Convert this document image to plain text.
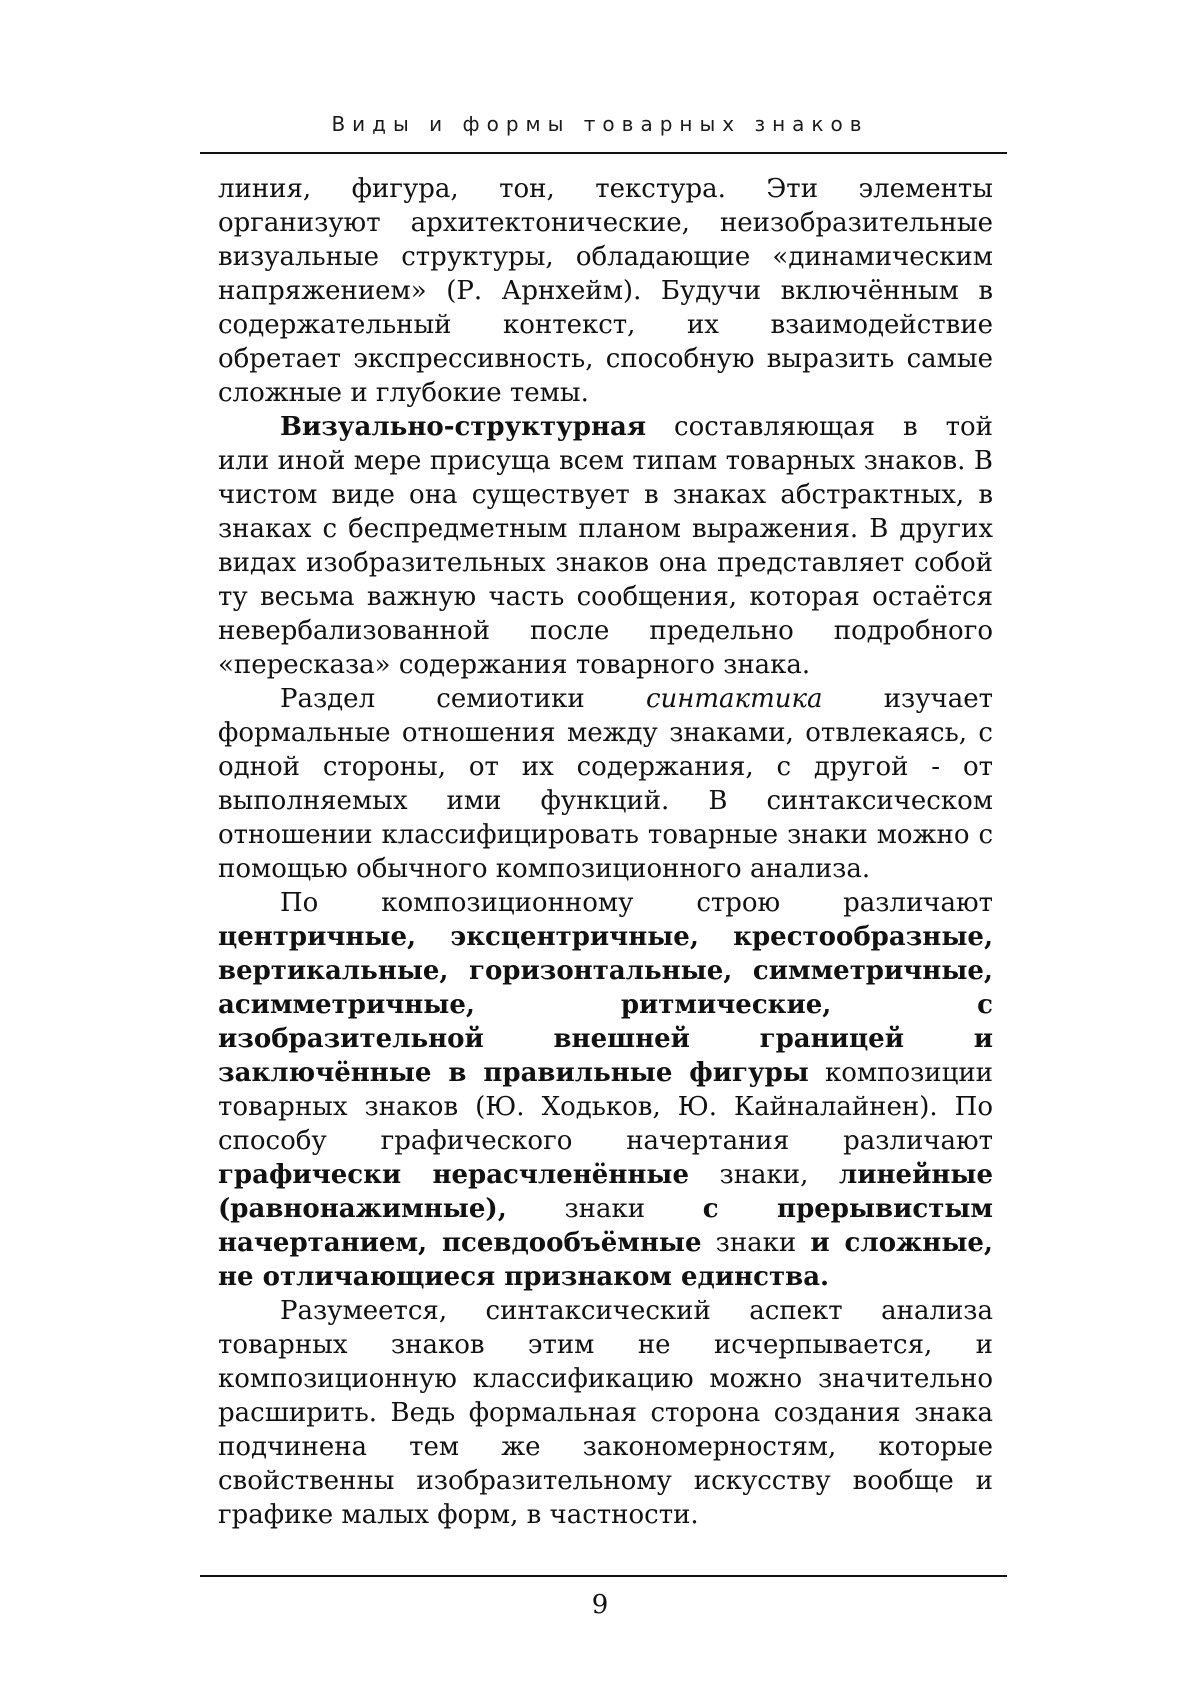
Виды и формы товарных знаков

линия, фигура, тон, текстура. Эти элементы организуют архитектонические, неизобразительные визуальные структуры, обладающие «динамическим напряжением» (Р. Арнхейм). Будучи включённым в содержательный контекст, их взаимодействие обретает экспрессивность, способную выразить самые сложные и глубокие темы.

Визуально-структурная составляющая в той или иной мере присуща всем типам товарных знаков. В чистом виде она существует в знаках абстрактных, в знаках с беспредметным планом выражения. В других видах изобразительных знаков она представляет собой ту весьма важную часть сообщения, которая остаётся невербализованной после предельно подробного «пересказа» содержания товарного знака.

Раздел семиотики синтактика изучает формальные отношения между знаками, отвлекаясь, с одной стороны, от их содержания, с другой - от выполняемых ими функций. В синтаксическом отношении классифицировать товарные знаки можно с помощью обычного композиционного анализа.

По композиционному строю различают центричные, эксцентричные, крестообразные, вертикальные, горизонтальные, симметричные, асимметричные, ритмические, с изобразительной внешней границей и заключённые в правильные фигуры композиции товарных знаков (Ю. Ходьков, Ю. Кайналайнен). По способу графического начертания различают графически нерасчленённые знаки, линейные (равнонажимные), знаки с прерывистым начертанием, псевдообъёмные знаки и сложные, не отличающиеся признаком единства.

Разумеется, синтаксический аспект анализа товарных знаков этим не исчерпывается, и композиционную классификацию можно значительно расширить. Ведь формальная сторона создания знака подчинена тем же закономерностям, которые свойственны изобразительному искусству вообще и графике малых форм, в частности.

9
